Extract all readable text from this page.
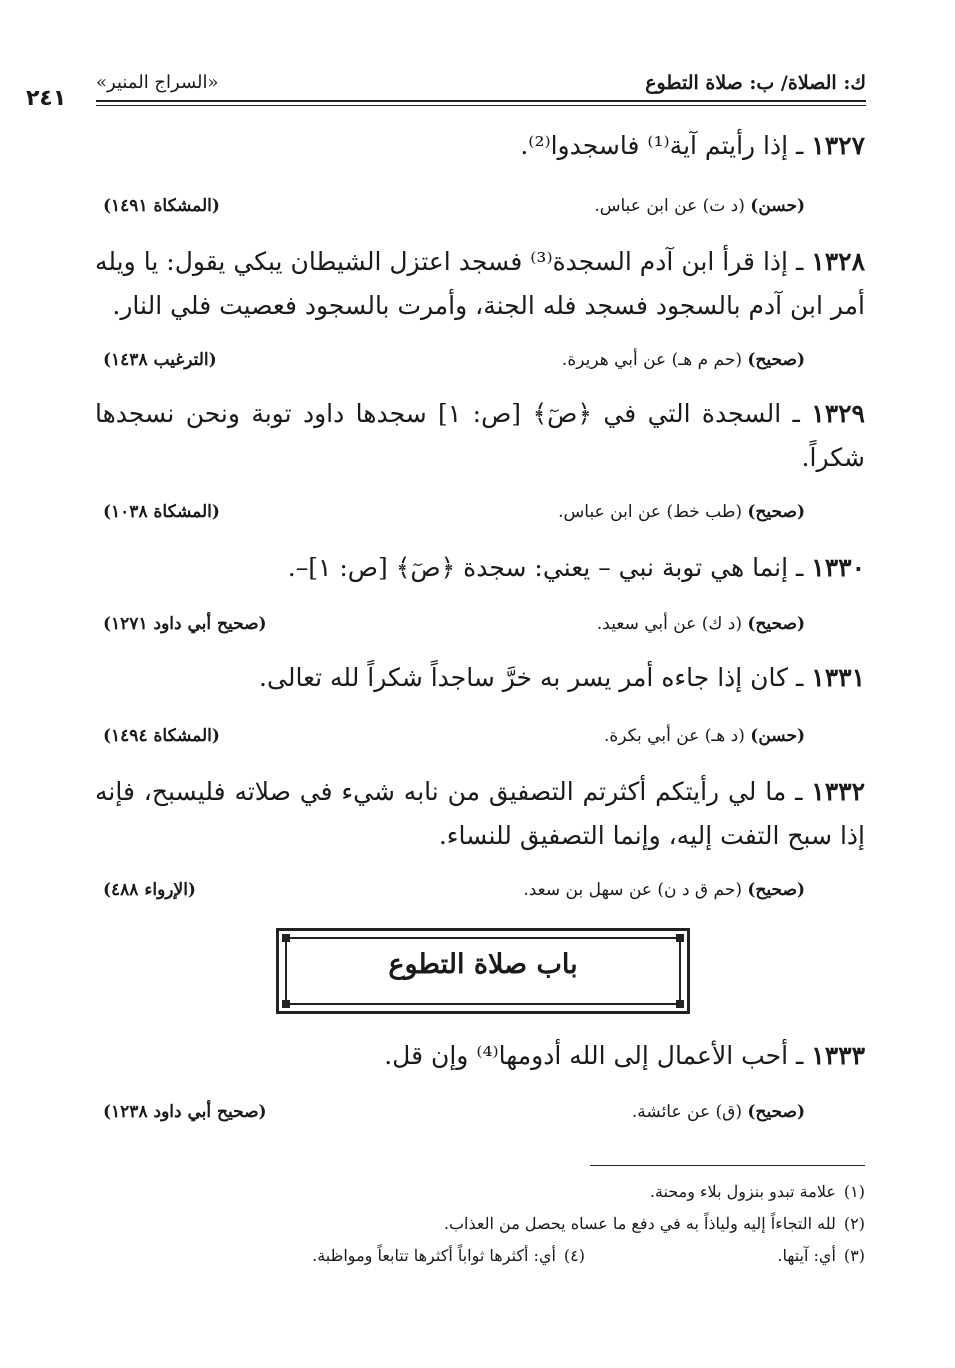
ك: الصلاة/ ب: صلاة التطوع
«السراج المنير»
٢٤١
١٣٢٧ ـ إذا رأيتم آية⁽¹⁾ فاسجدوا⁽²⁾.
(حسن) (د ت) عن ابن عباس.
(المشكاة ١٤٩١)
١٣٢٨ ـ إذا قرأ ابن آدم السجدة⁽³⁾ فسجد اعتزل الشيطان يبكي يقول: يا ويله أمر ابن آدم بالسجود فسجد فله الجنة، وأمرت بالسجود فعصيت فلي النار.
(صحيح) (حم م هـ) عن أبي هريرة.
(الترغيب ١٤٣٨)
١٣٢٩ ـ السجدة التي في ﴿صٓ﴾ [ص: ١] سجدها داود توبة ونحن نسجدها شكراً.
(صحيح) (طب خط) عن ابن عباس.
(المشكاة ١٠٣٨)
١٣٣٠ ـ إنما هي توبة نبي – يعني: سجدة ﴿صٓ﴾ [ص: ١]–.
(صحيح) (د ك) عن أبي سعيد.
(صحيح أبي داود ١٢٧١)
١٣٣١ ـ كان إذا جاءه أمر يسر به خرَّ ساجداً شكراً لله تعالى.
(حسن) (د هـ) عن أبي بكرة.
(المشكاة ١٤٩٤)
١٣٣٢ ـ ما لي رأيتكم أكثرتم التصفيق من نابه شيء في صلاته فليسبح، فإنه إذا سبح التفت إليه، وإنما التصفيق للنساء.
(صحيح) (حم ق د ن) عن سهل بن سعد.
(الإرواء ٤٨٨)
باب صلاة التطوع
١٣٣٣ ـ أحب الأعمال إلى الله أدومها⁽⁴⁾ وإن قل.
(صحيح) (ق) عن عائشة.
(صحيح أبي داود ١٢٣٨)
(١)علامة تبدو بنزول بلاء ومحنة.
(٢)لله التجاءاً إليه ولياذاً به في دفع ما عساه يحصل من العذاب.
(٣)أي: آيتها.
(٤)أي: أكثرها ثواباً أكثرها تتابعاً ومواظبة.
